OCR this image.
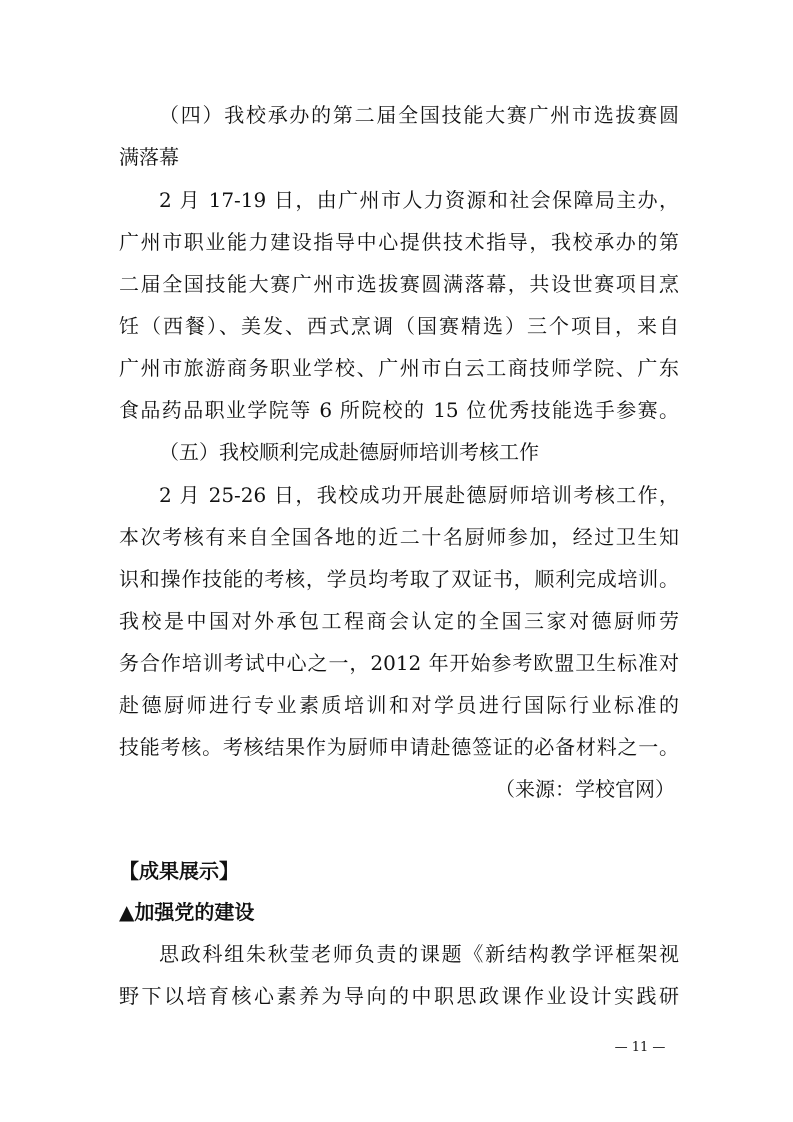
（四）我校承办的第二届全国技能大赛广州市选拔赛圆
满落幕
2 月 17-19 日，由广州市人力资源和社会保障局主办，
广州市职业能力建设指导中心提供技术指导，我校承办的第
二届全国技能大赛广州市选拔赛圆满落幕，共设世赛项目烹
饪（西餐）、美发、西式烹调（国赛精选）三个项目，来自
广州市旅游商务职业学校、广州市白云工商技师学院、广东
食品药品职业学院等 6 所院校的 15 位优秀技能选手参赛。
（五）我校顺利完成赴德厨师培训考核工作
2 月 25-26 日，我校成功开展赴德厨师培训考核工作，
本次考核有来自全国各地的近二十名厨师参加，经过卫生知
识和操作技能的考核，学员均考取了双证书，顺利完成培训。
我校是中国对外承包工程商会认定的全国三家对德厨师劳
务合作培训考试中心之一，2012 年开始参考欧盟卫生标准对
赴德厨师进行专业素质培训和对学员进行国际行业标准的
技能考核。考核结果作为厨师申请赴德签证的必备材料之一。
（来源：学校官网）
【成果展示】
▲加强党的建设
思政科组朱秋莹老师负责的课题《新结构教学评框架视
野下以培育核心素养为导向的中职思政课作业设计实践研
— 11 —
